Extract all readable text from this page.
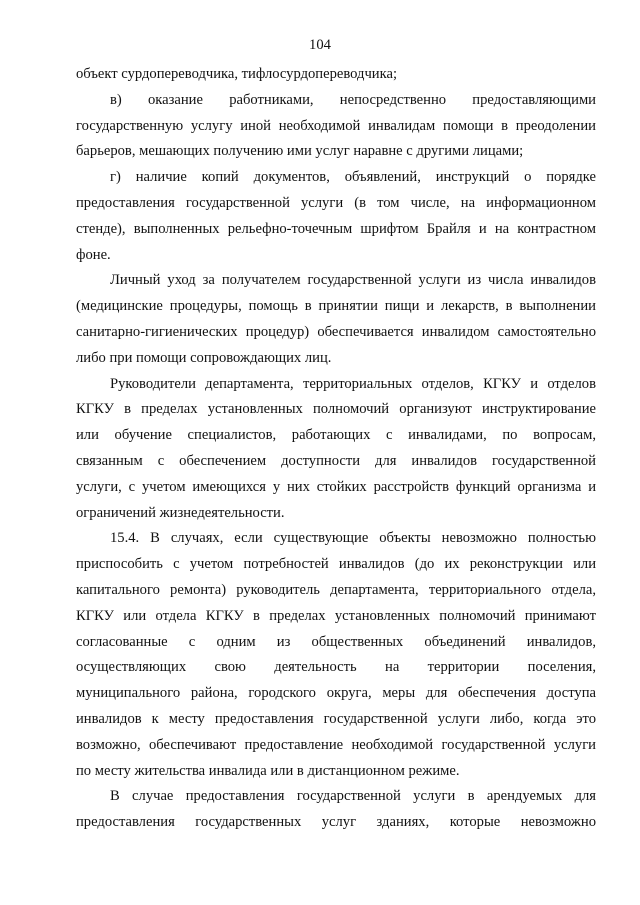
104
объект сурдопереводчика, тифлосурдопереводчика;
в) оказание работниками, непосредственно предоставляющими
государственную услугу иной необходимой инвалидам помощи в преодолении
барьеров, мешающих получению ими услуг наравне с другими лицами;
г) наличие копий документов, объявлений, инструкций о порядке
предоставления государственной услуги (в том числе, на информационном
стенде), выполненных рельефно-точечным шрифтом Брайля и на контрастном
фоне.
Личный уход за получателем государственной услуги из числа инвалидов
(медицинские процедуры, помощь в принятии пищи и лекарств, в выполнении
санитарно-гигиенических процедур) обеспечивается инвалидом самостоятельно
либо при помощи сопровождающих лиц.
Руководители департамента, территориальных отделов, КГКУ и отделов
КГКУ в пределах установленных полномочий организуют инструктирование
или обучение специалистов, работающих с инвалидами, по вопросам,
связанным с обеспечением доступности для инвалидов государственной
услуги, с учетом имеющихся у них стойких расстройств функций организма и
ограничений жизнедеятельности.
15.4. В случаях, если существующие объекты невозможно полностью
приспособить с учетом потребностей инвалидов (до их реконструкции или
капитального ремонта) руководитель департамента, территориального отдела,
КГКУ или отдела КГКУ в пределах установленных полномочий принимают
согласованные с одним из общественных объединений инвалидов,
осуществляющих свою деятельность на территории поселения,
муниципального района, городского округа, меры для обеспечения доступа
инвалидов к месту предоставления государственной услуги либо, когда это
возможно, обеспечивают предоставление необходимой государственной услуги
по месту жительства инвалида или в дистанционном режиме.
В случае предоставления государственной услуги в арендуемых для
предоставления государственных услуг зданиях, которые невозможно
